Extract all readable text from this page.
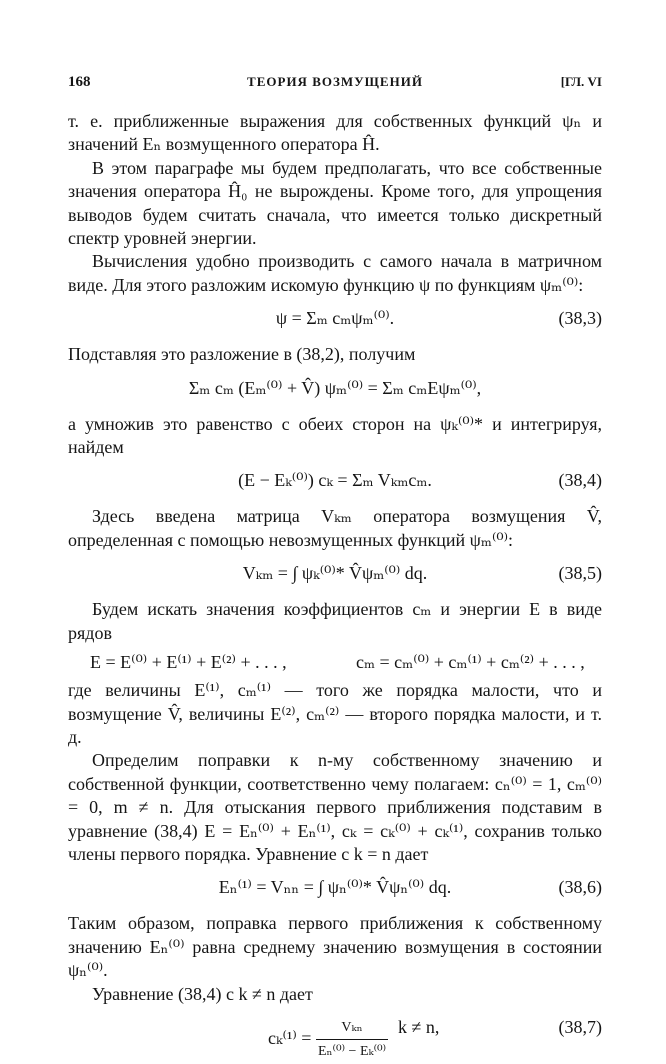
168	ТЕОРИЯ ВОЗМУЩЕНИЙ	[ГЛ. VI

т. е. приближенные выражения для собственных функций ψₙ и значений Eₙ возмущенного оператора Ĥ.

В этом параграфе мы будем предполагать, что все собственные значения оператора Ĥ₀ не вырождены. Кроме того, для упрощения выводов будем считать сначала, что имеется только дискретный спектр уровней энергии.

Вычисления удобно производить с самого начала в матричном виде. Для этого разложим искомую функцию ψ по функциям ψₘ⁽⁰⁾:

ψ = Σₘ cₘψₘ⁽⁰⁾.	(38,3)

Подставляя это разложение в (38,2), получим

Σₘ cₘ (Eₘ⁽⁰⁾ + V̂) ψₘ⁽⁰⁾ = Σₘ cₘEψₘ⁽⁰⁾,

а умножив это равенство с обеих сторон на ψₖ⁽⁰⁾* и интегрируя, найдем

(E − Eₖ⁽⁰⁾) cₖ = Σₘ Vₖₘcₘ.	(38,4)

Здесь введена матрица Vₖₘ оператора возмущения V̂, определенная с помощью невозмущенных функций ψₘ⁽⁰⁾:

Vₖₘ = ∫ ψₖ⁽⁰⁾* V̂ψₘ⁽⁰⁾ dq.	(38,5)

Будем искать значения коэффициентов cₘ и энергии E в виде рядов

E = E⁽⁰⁾ + E⁽¹⁾ + E⁽²⁾ + . . . ,	cₘ = cₘ⁽⁰⁾ + cₘ⁽¹⁾ + cₘ⁽²⁾ + . . . ,

где величины E⁽¹⁾, cₘ⁽¹⁾ — того же порядка малости, что и возмущение V̂, величины E⁽²⁾, cₘ⁽²⁾ — второго порядка малости, и т. д.

Определим поправки к n-му собственному значению и собственной функции, соответственно чему полагаем: cₙ⁽⁰⁾ = 1, cₘ⁽⁰⁾ = 0, m ≠ n. Для отыскания первого приближения подставим в уравнение (38,4) E = Eₙ⁽⁰⁾ + Eₙ⁽¹⁾, cₖ = cₖ⁽⁰⁾ + cₖ⁽¹⁾, сохранив только члены первого порядка. Уравнение с k = n дает

Eₙ⁽¹⁾ = Vₙₙ = ∫ ψₙ⁽⁰⁾* V̂ψₙ⁽⁰⁾ dq.	(38,6)

Таким образом, поправка первого приближения к собственному значению Eₙ⁽⁰⁾ равна среднему значению возмущения в состоянии ψₙ⁽⁰⁾.

Уравнение (38,4) с k ≠ n дает

$c_k^{(1)} = \frac{\text{Vₖₙ}}{\text{Eₙ⁽⁰⁾ − Eₖ⁽⁰⁾}}$ k ≠ n,	(38,7)
